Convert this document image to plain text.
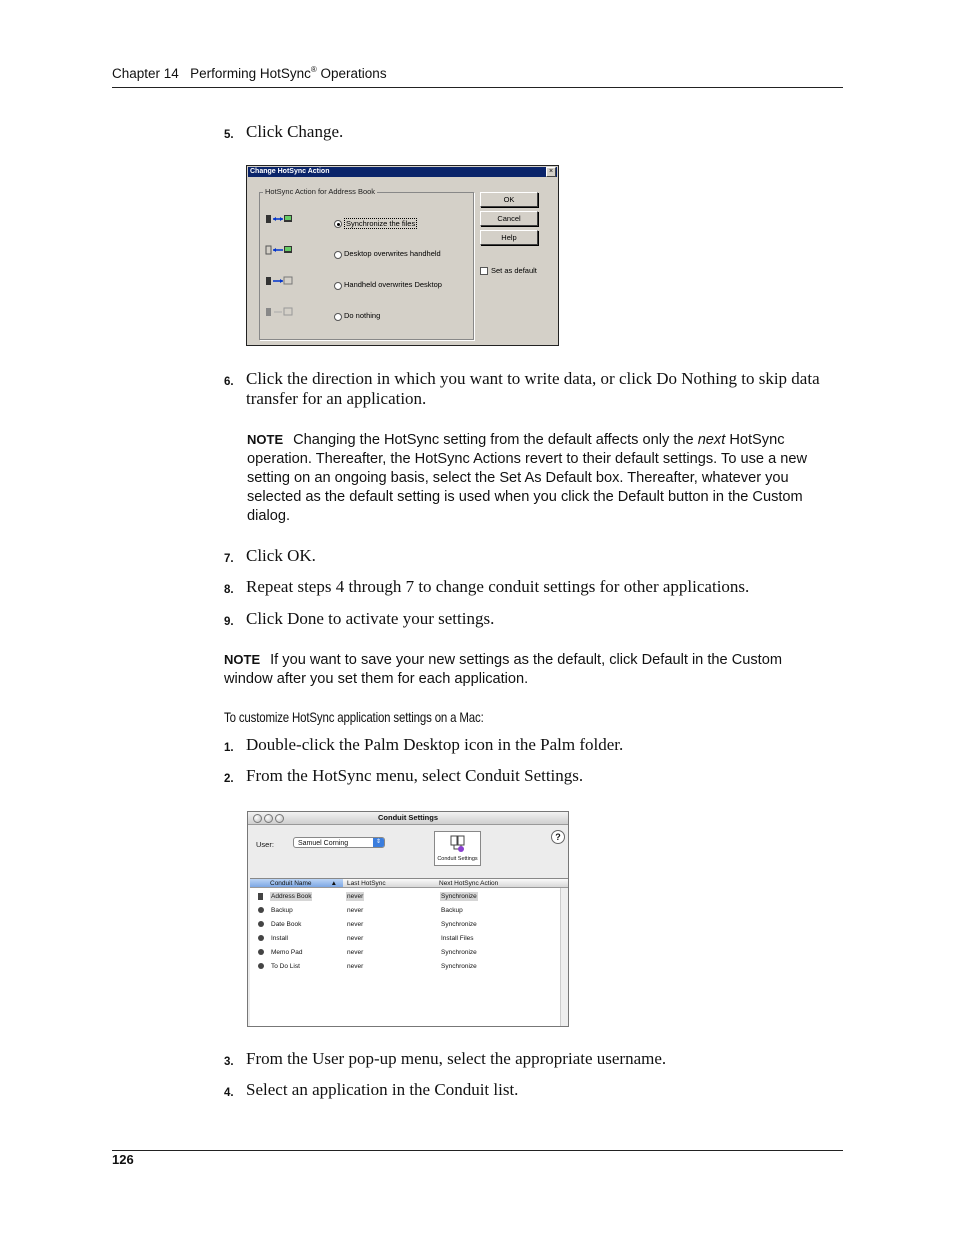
Chapter 14 Performing HotSync® Operations
5. Click Change.
Change HotSync Action	×
HotSync Action for Address Book
Synchronize the files
Desktop overwrites handheld
Handheld overwrites Desktop
Do nothing
OK
Cancel
Help
Set as default
6. Click the direction in which you want to write data, or click Do Nothing to skip data transfer for an application.
NOTE Changing the HotSync setting from the default affects only the next HotSync operation. Thereafter, the HotSync Actions revert to their default settings. To use a new setting on an ongoing basis, select the Set As Default box. Thereafter, whatever you selected as the default setting is used when you click the Default button in the Custom dialog.
7. Click OK.
8. Repeat steps 4 through 7 to change conduit settings for other applications.
9. Click Done to activate your settings.
NOTE If you want to save your new settings as the default, click Default in the Custom window after you set them for each application.
To customize HotSync application settings on a Mac:
1. Double-click the Palm Desktop icon in the Palm folder.
2. From the HotSync menu, select Conduit Settings.
Conduit Settings
User:	Samuel Corning	⇕
Conduit Settings
?
Conduit Name	▲	Last HotSync	Next HotSync Action
Address Book	never	Synchronize
Backup	never	Backup
Date Book	never	Synchronize
Install	never	Install Files
Memo Pad	never	Synchronize
To Do List	never	Synchronize
3. From the User pop-up menu, select the appropriate username.
4. Select an application in the Conduit list.
126
